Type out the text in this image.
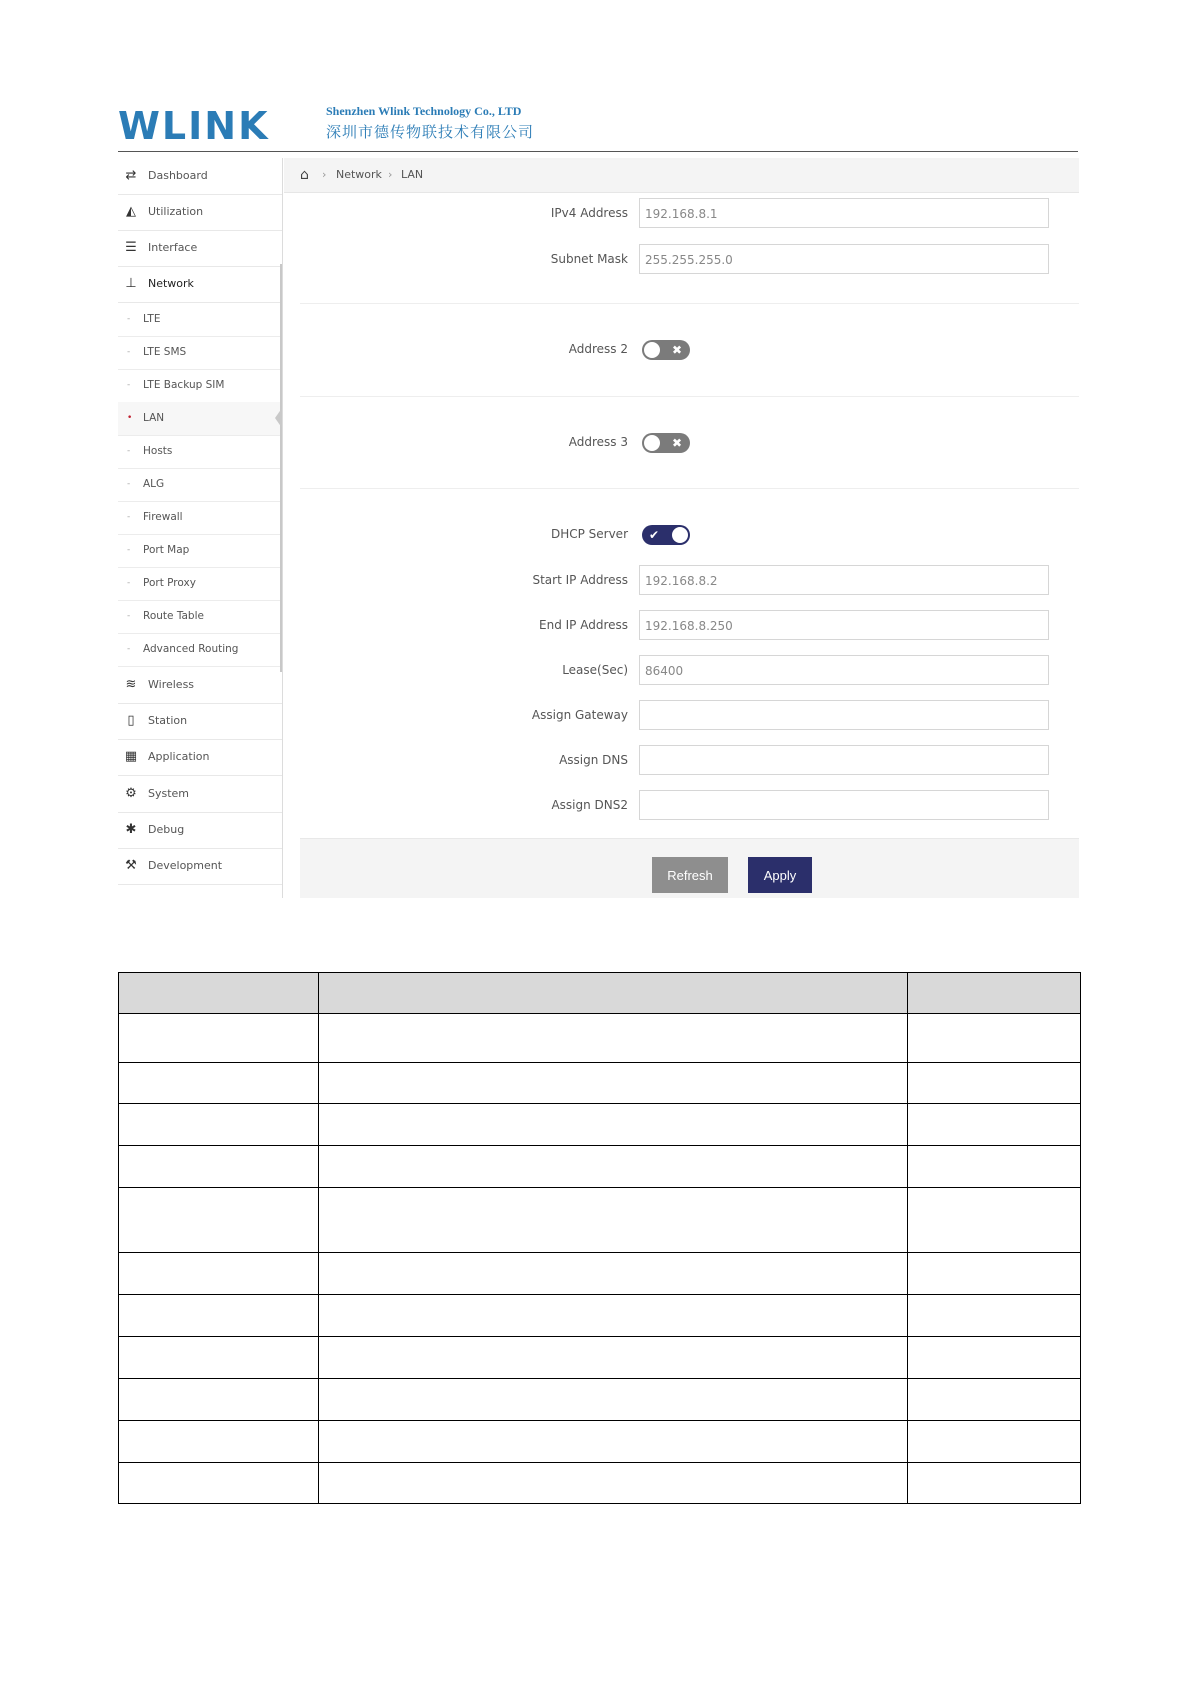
WLINK	Shenzhen Wlink Technology Co., LTD
深圳市德传物联技术有限公司
⇄	Dashboard
◭	Utilization
☰	Interface
⊥	Network
- LTE
- LTE SMS
- LTE Backup SIM
• LAN
- Hosts
- ALG
- Firewall
- Port Map
- Port Proxy
- Route Table
- Advanced Routing
≋	Wireless
▯	Station
▦ Application
⚙	System
✱	Debug
⚒	Development
⌂ › Network › LAN
IPv4 Address	192.168.8.1
Subnet Mask	255.255.255.0
Address 2	✖
Address 3	✖
DHCP Server ✔
Start IP Address	192.168.8.2
End IP Address	192.168.8.250
Lease(Sec)	86400
Assign Gateway
Assign DNS
Assign DNS2
Refresh	Apply
